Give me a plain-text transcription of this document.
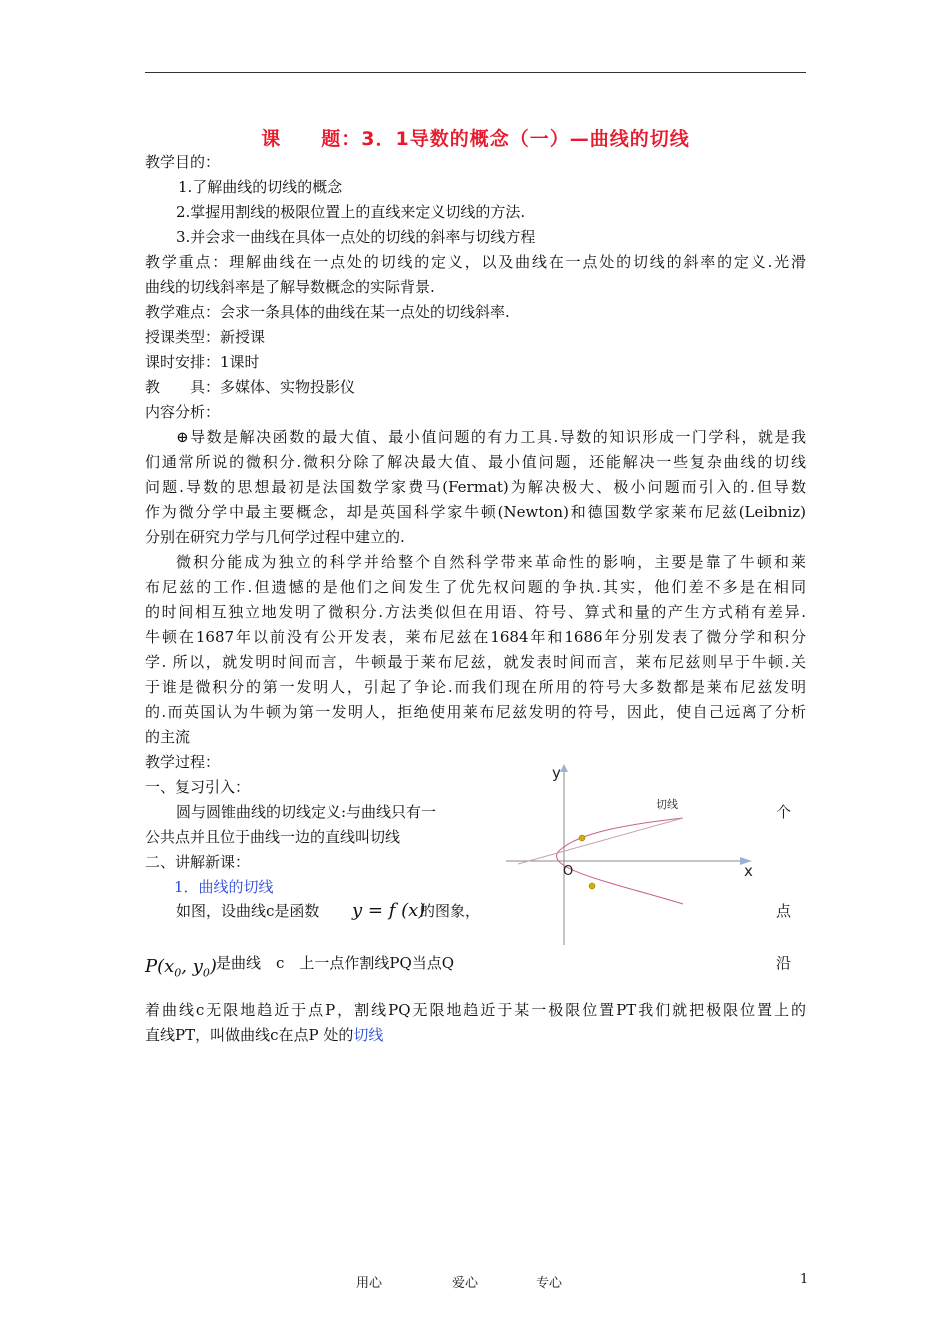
课　　题：3．1导数的概念（一）—曲线的切线
教学目的：
1.了解曲线的切线的概念
2.掌握用割线的极限位置上的直线来定义切线的方法.
3.并会求一曲线在具体一点处的切线的斜率与切线方程
教学重点：理解曲线在一点处的切线的定义，以及曲线在一点处的切线的斜率的定义.光滑
曲线的切线斜率是了解导数概念的实际背景.
教学难点：会求一条具体的曲线在某一点处的切线斜率.
授课类型：新授课
课时安排：1课时
教　　具：多媒体、实物投影仪
内容分析：
⊕导数是解决函数的最大值、最小值问题的有力工具.导数的知识形成一门学科，就是我
们通常所说的微积分.微积分除了解决最大值、最小值问题，还能解决一些复杂曲线的切线
问题.导数的思想最初是法国数学家费马(Fermat)为解决极大、极小问题而引入的.但导数
作为微分学中最主要概念，却是英国科学家牛顿(Newton)和德国数学家莱布尼兹(Leibniz)
分别在研究力学与几何学过程中建立的.
微积分能成为独立的科学并给整个自然科学带来革命性的影响，主要是靠了牛顿和莱
布尼兹的工作.但遗憾的是他们之间发生了优先权问题的争执.其实，他们差不多是在相同
的时间相互独立地发明了微积分.方法类似但在用语、符号、算式和量的产生方式稍有差异.
牛顿在1687年以前没有公开发表，莱布尼兹在1684年和1686年分别发表了微分学和积分
学. 所以，就发明时间而言，牛顿最于莱布尼兹，就发表时间而言，莱布尼兹则早于牛顿.关
于谁是微积分的第一发明人，引起了争论.而我们现在所用的符号大多数都是莱布尼兹发明
的.而英国认为牛顿为第一发明人，拒绝使用莱布尼兹发明的符号，因此，使自己远离了分析
的主流
教学过程：
一、复习引入：
圆与圆锥曲线的切线定义:与曲线只有一	个
公共点并且位于曲线一边的直线叫切线
二、讲解新课：
1．曲线的切线
如图，设曲线c是函数 y = f (x)
的图象，	点
$P(x_0$, $y_0$) 是曲线　c　上一点作割线PQ当点Q	沿
着曲线c无限地趋近于点P，割线PQ无限地趋近于某一极限位置PT我们就把极限位置上的
直线PT，叫做曲线c在点P 处的切线
y
x
O
切线
用心	爱心	专心	1
